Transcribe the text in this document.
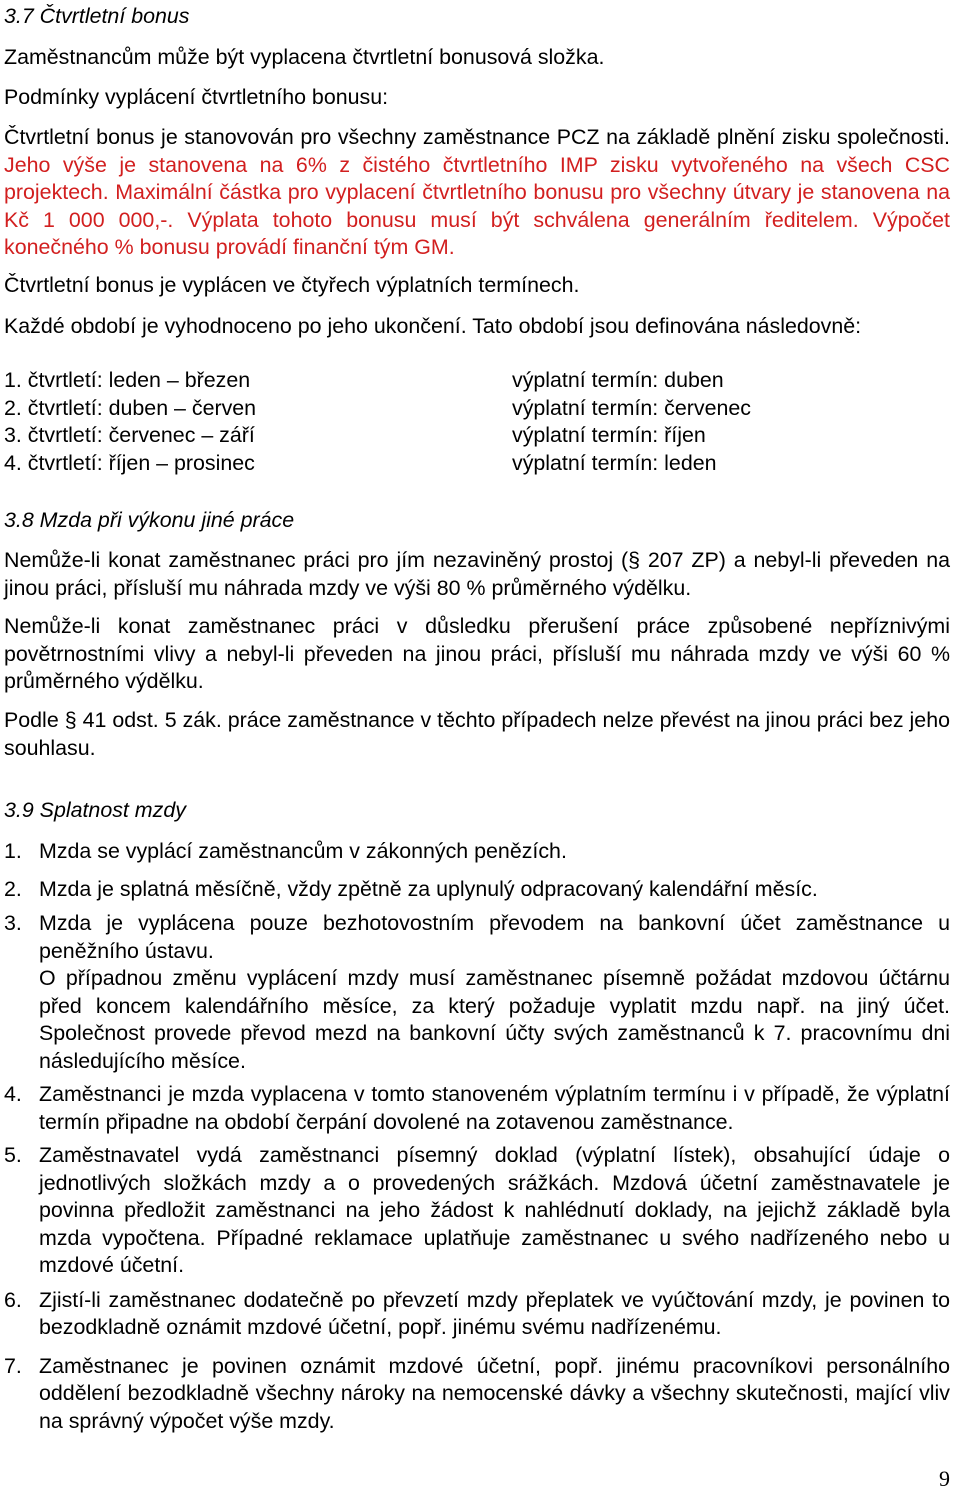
3.7 Čtvrtletní bonus

Zaměstnancům může být vyplacena čtvrtletní bonusová složka.

Podmínky vyplácení čtvrtletního bonusu:

Čtvrtletní bonus je stanovován pro všechny zaměstnance PCZ na základě plnění zisku společnosti. Jeho výše je stanovena na 6% z čistého čtvrtletního IMP zisku vytvořeného na všech CSC projektech. Maximální částka pro vyplacení čtvrtletního bonusu pro všechny útvary je stanovena na Kč 1 000 000,-. Výplata tohoto bonusu musí být schválena generálním ředitelem. Výpočet konečného % bonusu provádí finanční tým GM.

Čtvrtletní bonus je vyplácen ve čtyřech výplatních termínech.

Každé období je vyhodnoceno po jeho ukončení. Tato období jsou definována následovně:

1. čtvrtletí: leden – březen	výplatní termín: duben
2. čtvrtletí: duben – červen	výplatní termín: červenec
3. čtvrtletí: červenec – září	výplatní termín: říjen
4. čtvrtletí: říjen – prosinec	výplatní termín: leden

3.8 Mzda při výkonu jiné práce

Nemůže-li konat zaměstnanec práci pro jím nezaviněný prostoj (§ 207 ZP) a nebyl-li převeden na jinou práci, přísluší mu náhrada mzdy ve výši 80 % průměrného výdělku.

Nemůže-li konat zaměstnanec práci v důsledku přerušení práce způsobené nepříznivými povětrnostními vlivy a nebyl-li převeden na jinou práci, přísluší mu náhrada mzdy ve výši 60 % průměrného výdělku.

Podle § 41 odst. 5 zák. práce zaměstnance v těchto případech nelze převést na jinou práci bez jeho souhlasu.

3.9 Splatnost mzdy

1. Mzda se vyplácí zaměstnancům v zákonných penězích.
2. Mzda je splatná měsíčně, vždy zpětně za uplynulý odpracovaný kalendářní měsíc.
3. Mzda je vyplácena pouze bezhotovostním převodem na bankovní účet zaměstnance u peněžního ústavu.
O případnou změnu vyplácení mzdy musí zaměstnanec písemně požádat mzdovou účtárnu před koncem kalendářního měsíce, za který požaduje vyplatit mzdu např. na jiný účet. Společnost provede převod mezd na bankovní účty svých zaměstnanců k 7. pracovnímu dni následujícího měsíce.
4. Zaměstnanci je mzda vyplacena v tomto stanoveném výplatním termínu i v případě, že výplatní termín připadne na období čerpání dovolené na zotavenou zaměstnance.
5. Zaměstnavatel vydá zaměstnanci písemný doklad (výplatní lístek), obsahující údaje o jednotlivých složkách mzdy a o provedených srážkách. Mzdová účetní zaměstnavatele je povinna předložit zaměstnanci na jeho žádost k nahlédnutí doklady, na jejichž základě byla mzda vypočtena. Případné reklamace uplatňuje zaměstnanec u svého nadřízeného nebo u mzdové účetní.
6. Zjistí-li zaměstnanec dodatečně po převzetí mzdy přeplatek ve vyúčtování mzdy, je povinen to bezodkladně oznámit mzdové účetní, popř. jinému svému nadřízenému.
7. Zaměstnanec je povinen oznámit mzdové účetní, popř. jinému pracovníkovi personálního oddělení bezodkladně všechny nároky na nemocenské dávky a všechny skutečnosti, mající vliv na správný výpočet výše mzdy.
9
